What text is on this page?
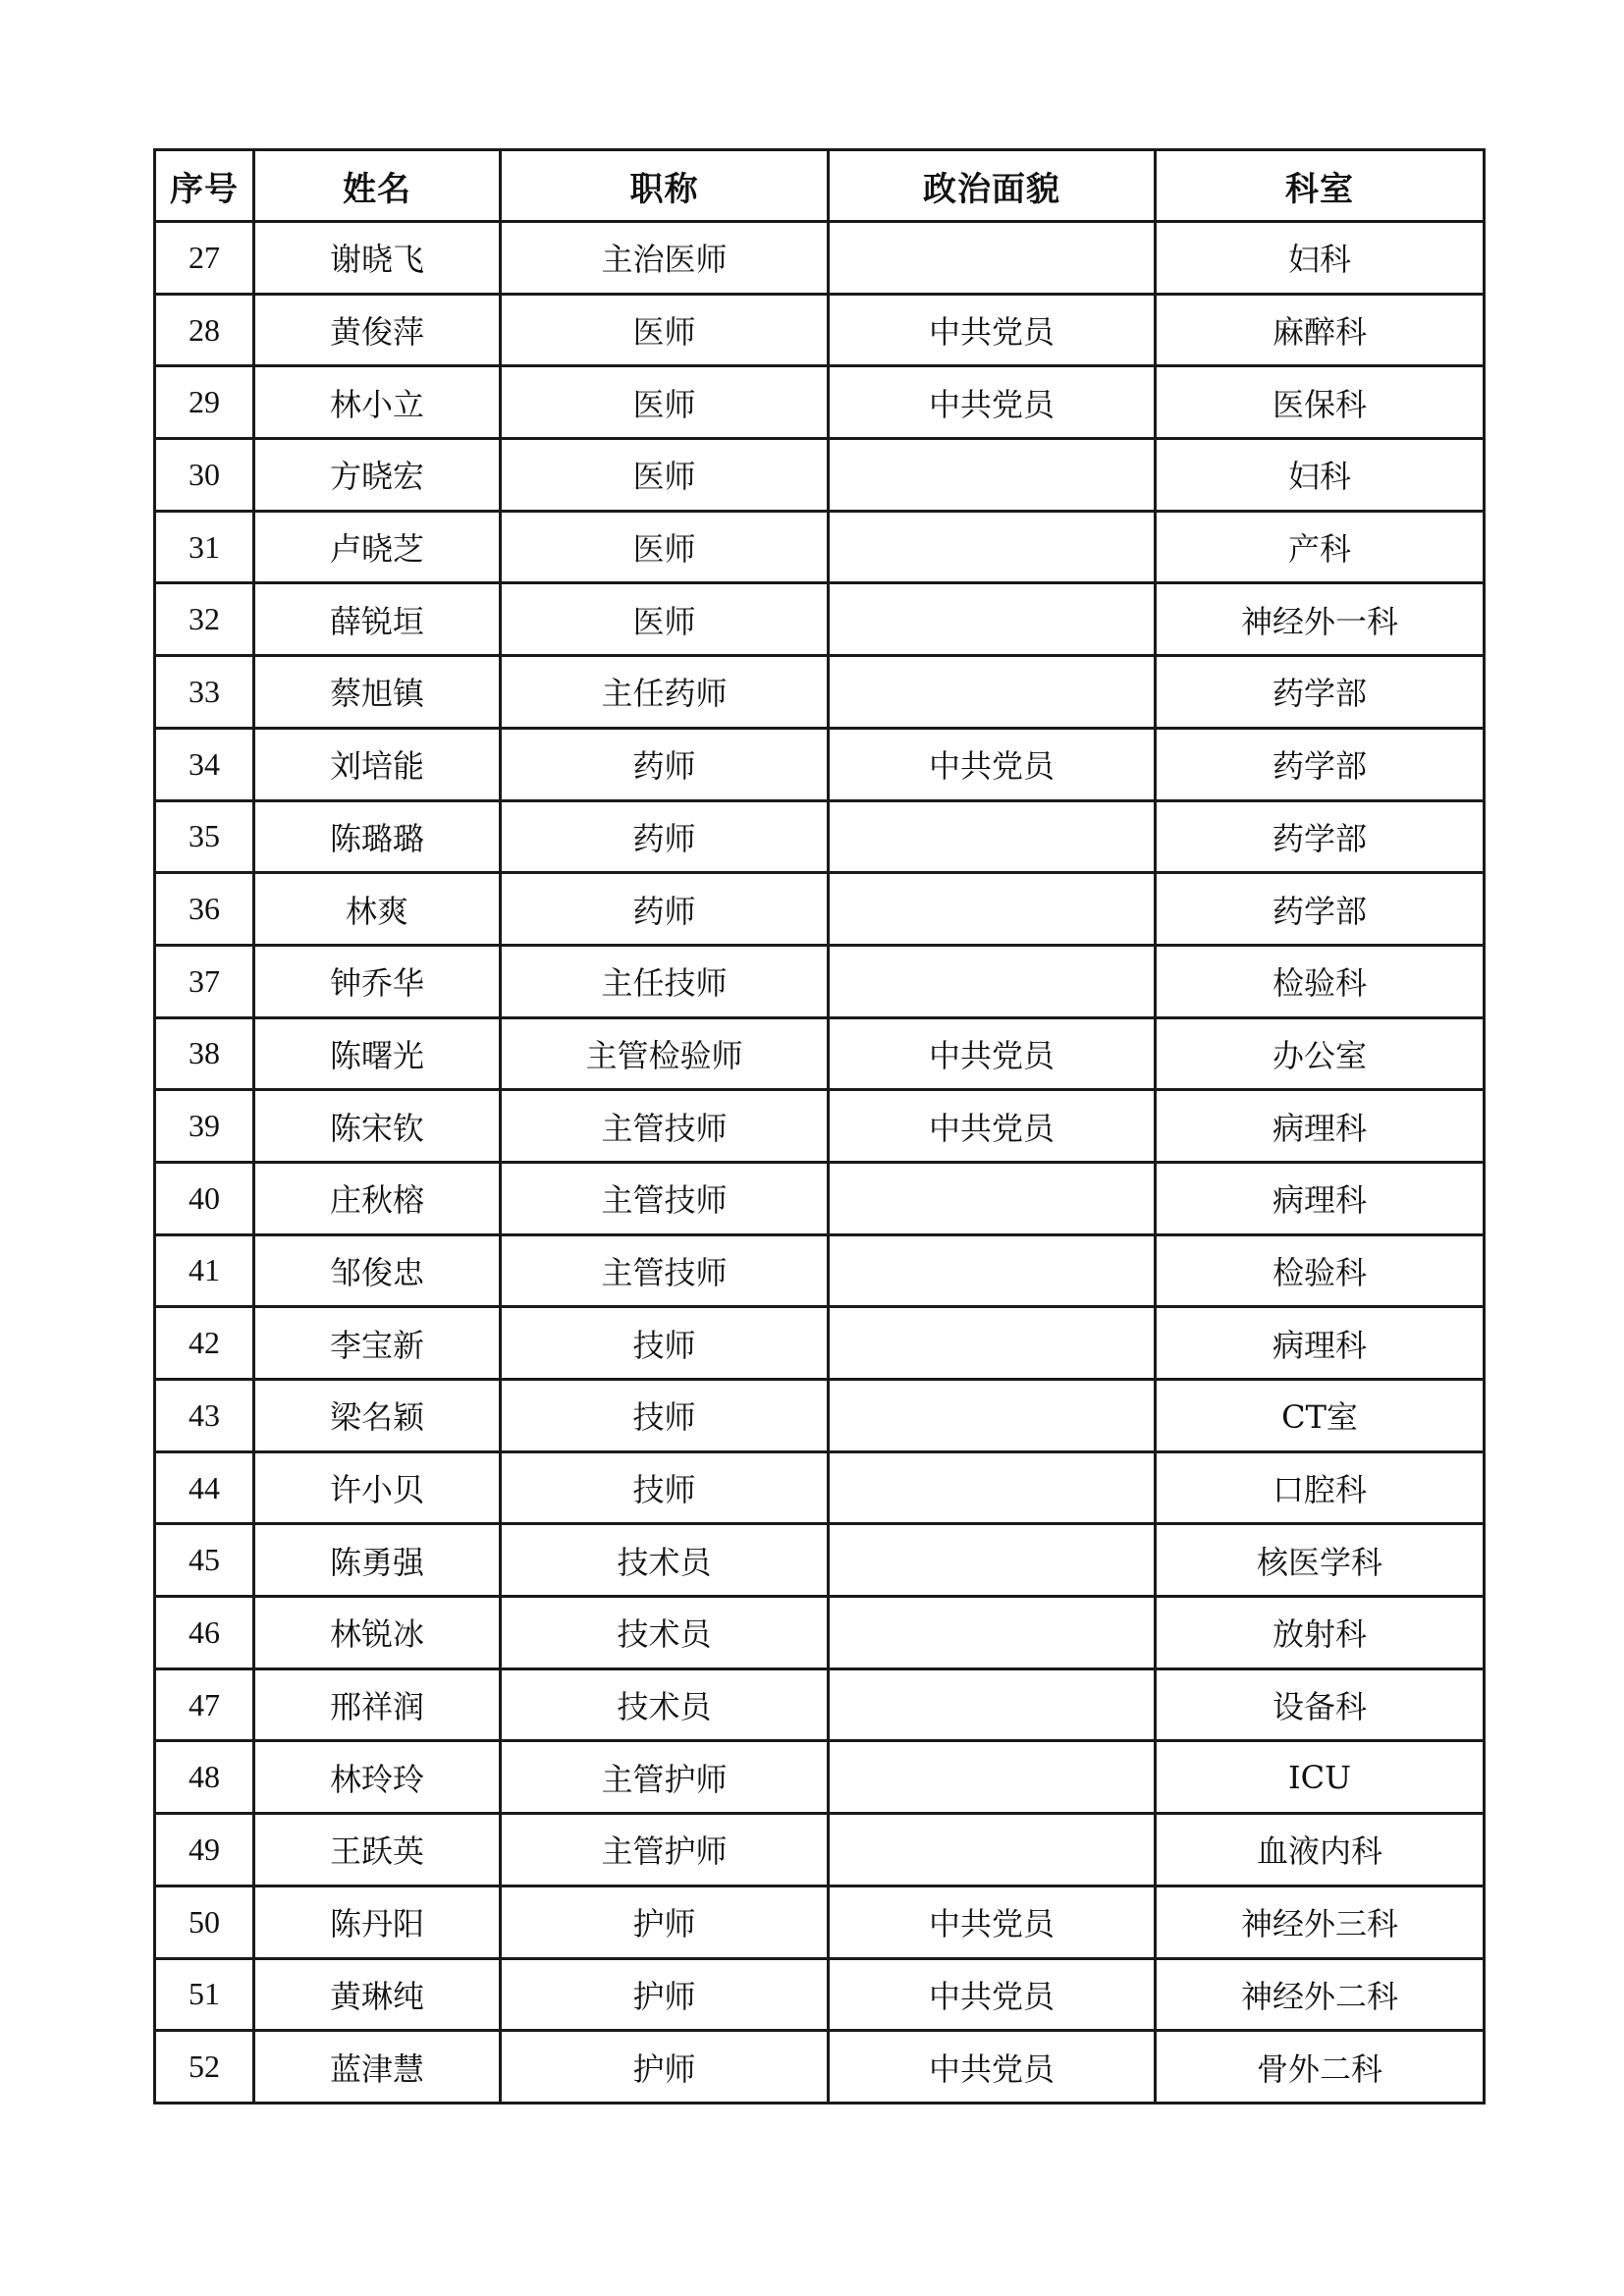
序号	姓名	职称	政治面貌	科室
27	谢晓飞	主治医师		妇科
28	黄俊萍	医师	中共党员	麻醉科
29	林小立	医师	中共党员	医保科
30	方晓宏	医师		妇科
31	卢晓芝	医师		产科
32	薛锐垣	医师		神经外一科
33	蔡旭镇	主任药师		药学部
34	刘培能	药师	中共党员	药学部
35	陈璐璐	药师		药学部
36	林爽	药师		药学部
37	钟乔华	主任技师		检验科
38	陈曙光	主管检验师	中共党员	办公室
39	陈宋钦	主管技师	中共党员	病理科
40	庄秋榕	主管技师		病理科
41	邹俊忠	主管技师		检验科
42	李宝新	技师		病理科
43	梁名颖	技师		CT室
44	许小贝	技师		口腔科
45	陈勇强	技术员		核医学科
46	林锐冰	技术员		放射科
47	邢祥润	技术员		设备科
48	林玲玲	主管护师		ICU
49	王跃英	主管护师		血液内科
50	陈丹阳	护师	中共党员	神经外三科
51	黄琳纯	护师	中共党员	神经外二科
52	蓝津慧	护师	中共党员	骨外二科
